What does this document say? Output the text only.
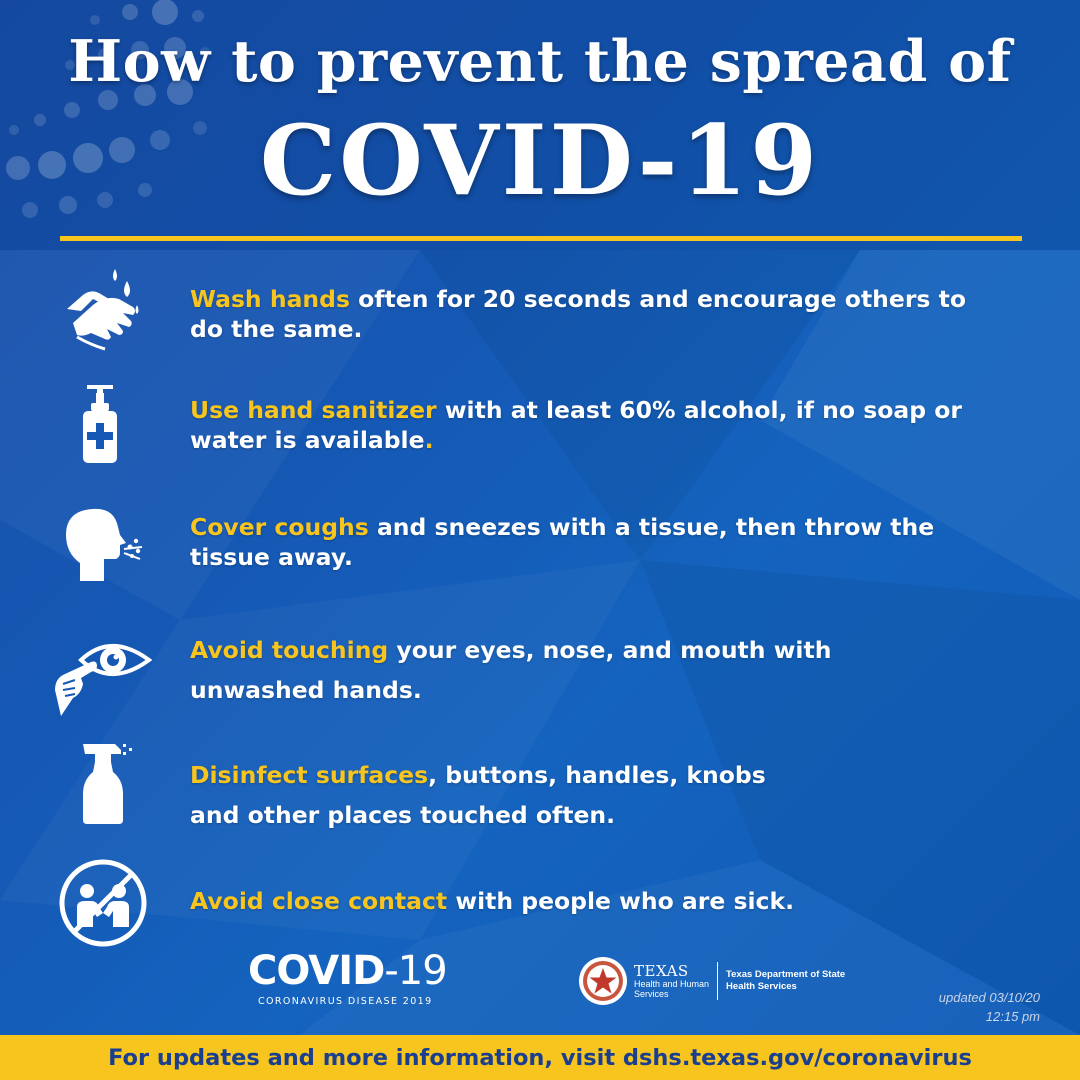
How to prevent the spread of
COVID-19
Wash hands often for 20 seconds and encourage others to
do the same.
Use hand sanitizer with at least 60% alcohol, if no soap or
water is available.
Cover coughs and sneezes with a tissue, then throw the
tissue away.
Avoid touching your eyes, nose, and mouth with
unwashed hands.
Disinfect surfaces, buttons, handles, knobs
and other places touched often.
Avoid close contact with people who are sick.
COVID-19
CORONAVIRUS DISEASE 2019
TEXAS
Health and Human
Services
Texas Department of State
Health Services
updated 03/10/20
12:15 pm
For updates and more information, visit dshs.texas.gov/coronavirus
